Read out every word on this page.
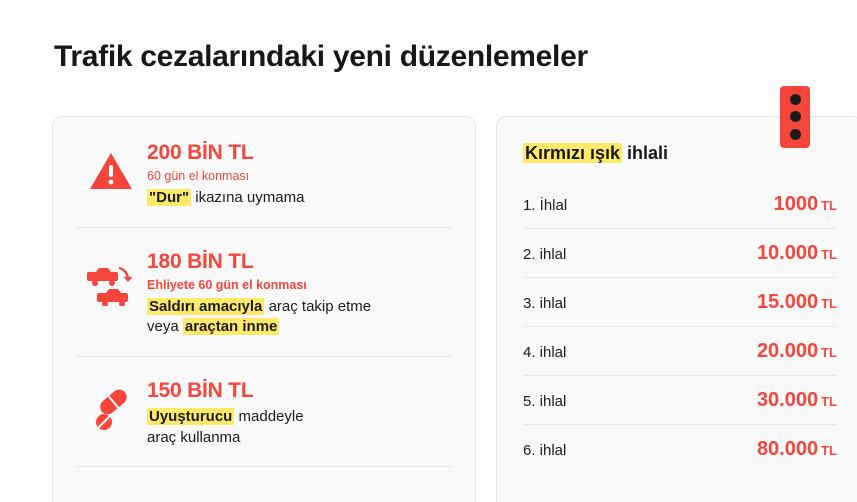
Trafik cezalarındaki yeni düzenlemeler
200 BİN TL
60 gün el konması
"Dur" ikazına uymama
180 BİN TL
Ehliyete 60 gün el konması
Saldırı amacıyla araç takip etme
veya araçtan inme
150 BİN TL
Uyuşturucu maddeyle
araç kullanma
Kırmızı ışık ihlali
1. İhlal	1000 TL
2. ihlal	10.000 TL
3. ihlal	15.000 TL
4. ihlal	20.000 TL
5. ihlal	30.000 TL
6. ihlal	80.000 TL
